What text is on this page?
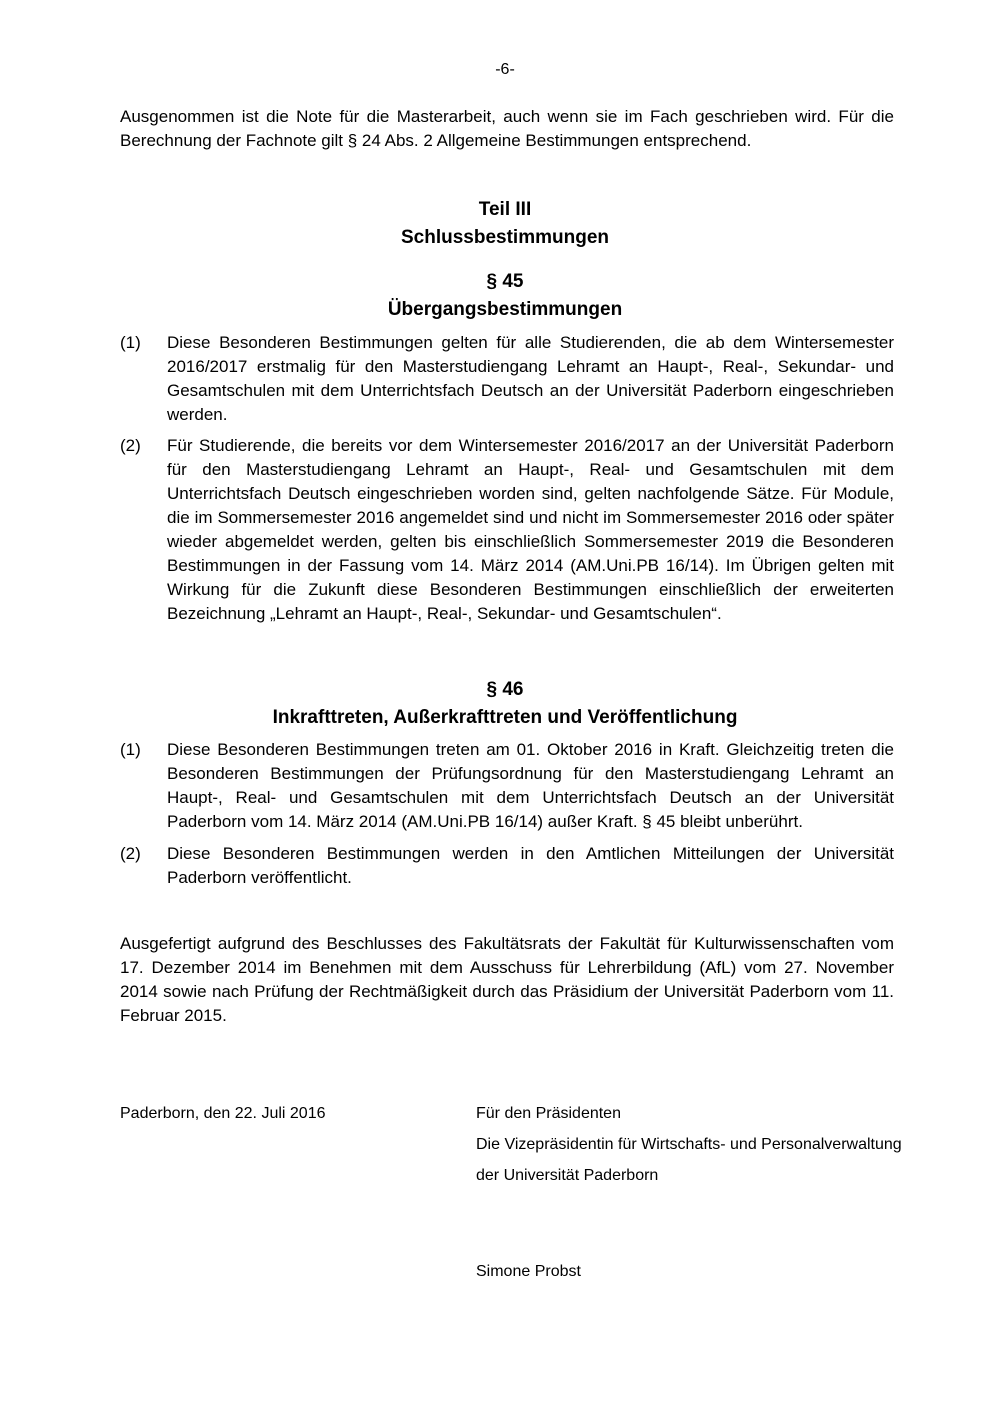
-6-

Ausgenommen ist die Note für die Masterarbeit, auch wenn sie im Fach geschrieben wird. Für die Berechnung der Fachnote gilt § 24 Abs. 2 Allgemeine Bestimmungen entsprechend.

Teil III
Schlussbestimmungen
§ 45
Übergangsbestimmungen
(1) Diese Besonderen Bestimmungen gelten für alle Studierenden, die ab dem Wintersemester 2016/2017 erstmalig für den Masterstudiengang Lehramt an Haupt-, Real-, Sekundar- und Gesamtschulen mit dem Unterrichtsfach Deutsch an der Universität Paderborn eingeschrieben werden.
(2) Für Studierende, die bereits vor dem Wintersemester 2016/2017 an der Universität Paderborn für den Masterstudiengang Lehramt an Haupt-, Real- und Gesamtschulen mit dem Unterrichtsfach Deutsch eingeschrieben worden sind, gelten nachfolgende Sätze. Für Module, die im Sommersemester 2016 angemeldet sind und nicht im Sommersemester 2016 oder später wieder abgemeldet werden, gelten bis einschließlich Sommersemester 2019 die Besonderen Bestimmungen in der Fassung vom 14. März 2014 (AM.Uni.PB 16/14). Im Übrigen gelten mit Wirkung für die Zukunft diese Besonderen Bestimmungen einschließlich der erweiterten Bezeichnung „Lehramt an Haupt-, Real-, Sekundar- und Gesamtschulen“.
§ 46
Inkrafttreten, Außerkrafttreten und Veröffentlichung
(1) Diese Besonderen Bestimmungen treten am 01. Oktober 2016 in Kraft. Gleichzeitig treten die Besonderen Bestimmungen der Prüfungsordnung für den Masterstudiengang Lehramt an Haupt-, Real- und Gesamtschulen mit dem Unterrichtsfach Deutsch an der Universität Paderborn vom 14. März 2014 (AM.Uni.PB 16/14) außer Kraft. § 45 bleibt unberührt.
(2) Diese Besonderen Bestimmungen werden in den Amtlichen Mitteilungen der Universität Paderborn veröffentlicht.

Ausgefertigt aufgrund des Beschlusses des Fakultätsrats der Fakultät für Kulturwissenschaften vom 17. Dezember 2014 im Benehmen mit dem Ausschuss für Lehrerbildung (AfL) vom 27. November 2014 sowie nach Prüfung der Rechtmäßigkeit durch das Präsidium der Universität Paderborn vom 11. Februar 2015.

Paderborn, den 22. Juli 2016	Für den Präsidenten
Die Vizepräsidentin für Wirtschafts- und Personalverwaltung
der Universität Paderborn
Simone Probst
